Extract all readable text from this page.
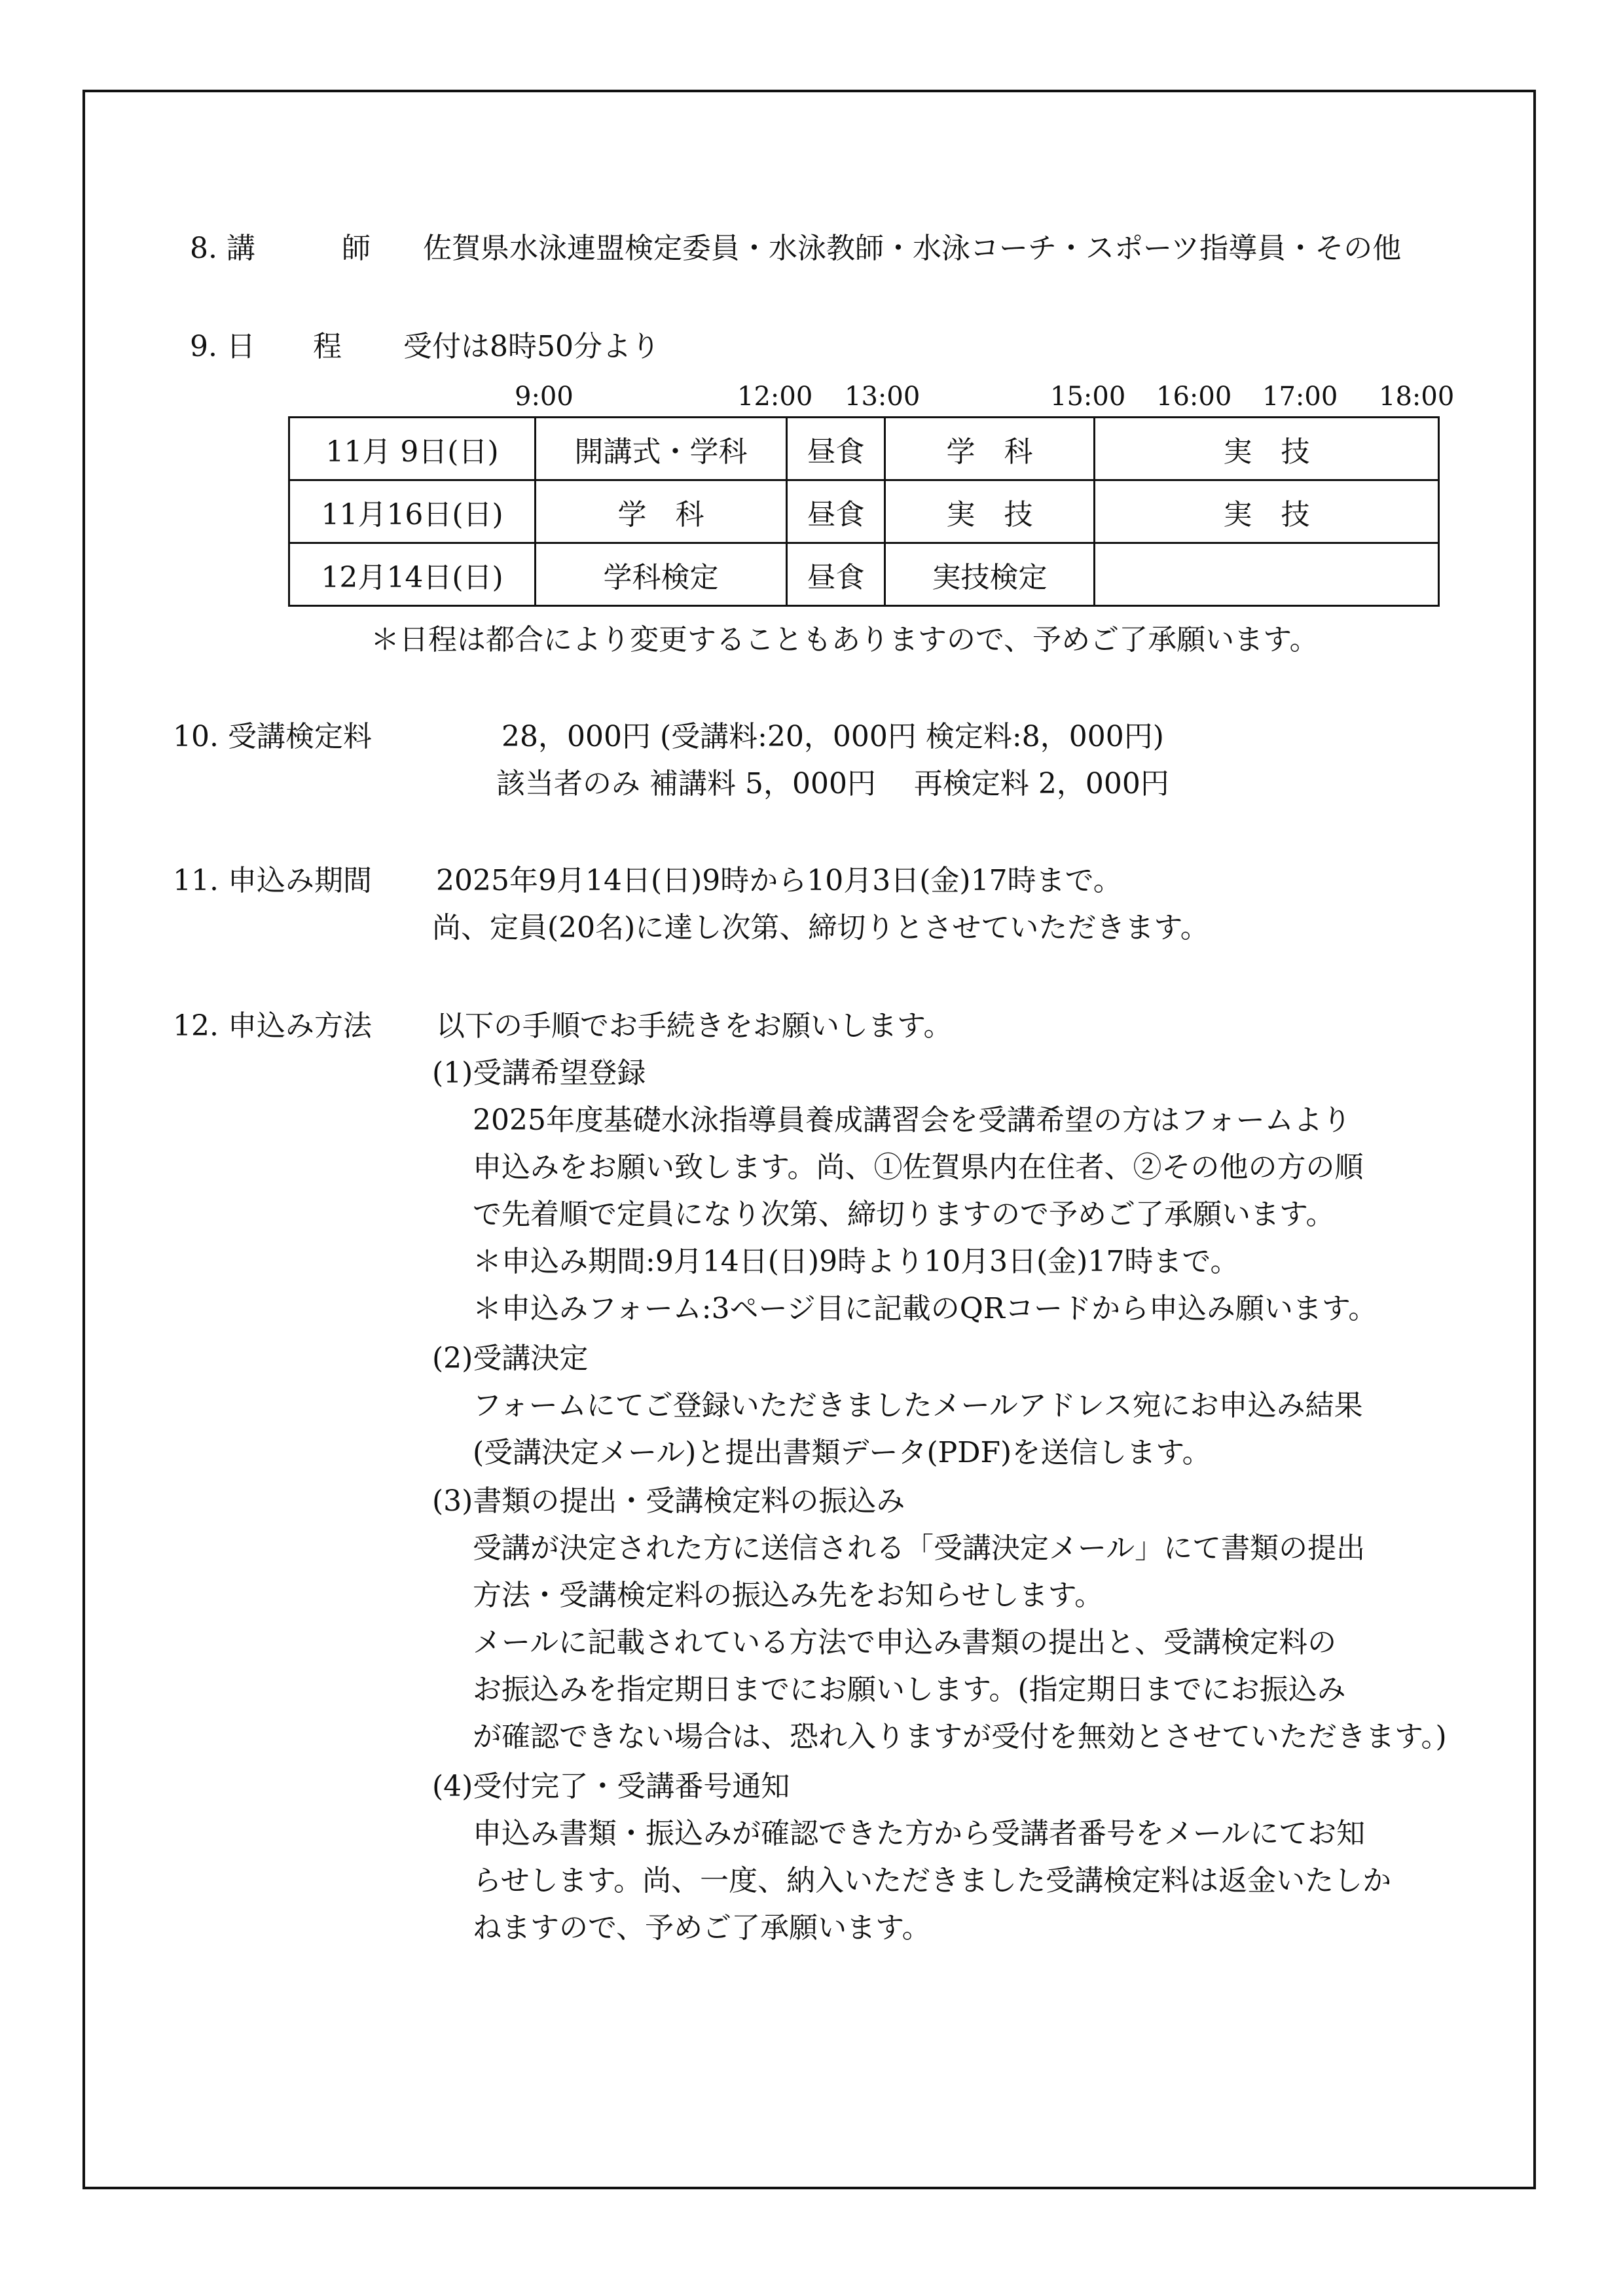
8. 講　　　師 佐賀県水泳連盟検定委員・水泳教師・水泳コーチ・スポーツ指導員・その他
9. 日　　程 受付は8時50分より
9:00	12:00 13:00	15:00 16:00 17:00 18:00
11月 9日(日)	開講式・学科	昼食	学　科	実　技
11月16日(日)	学　科	昼食	実　技	実　技
12月14日(日)	学科検定	昼食	実技検定	
＊日程は都合により変更することもありますので、予めご了承願います。
10. 受講検定料	28，000円 (受講料:20，000円 検定料:8，000円)
該当者のみ 補講料 5，000円 　再検定料 2，000円
11. 申込み期間 2025年9月14日(日)9時から10月3日(金)17時まで。
尚、定員(20名)に達し次第、締切りとさせていただきます。
12. 申込み方法 以下の手順でお手続きをお願いします。
(1)受講希望登録
2025年度基礎水泳指導員養成講習会を受講希望の方はフォームより
申込みをお願い致します。尚、①佐賀県内在住者、②その他の方の順
で先着順で定員になり次第、締切りますので予めご了承願います。
＊申込み期間:9月14日(日)9時より10月3日(金)17時まで。
＊申込みフォーム:3ページ目に記載のQRコードから申込み願います。
(2)受講決定
フォームにてご登録いただきましたメールアドレス宛にお申込み結果
(受講決定メール)と提出書類データ(PDF)を送信します。
(3)書類の提出・受講検定料の振込み
受講が決定された方に送信される「受講決定メール」にて書類の提出
方法・受講検定料の振込み先をお知らせします。
メールに記載されている方法で申込み書類の提出と、受講検定料の
お振込みを指定期日までにお願いします。(指定期日までにお振込み
が確認できない場合は、恐れ入りますが受付を無効とさせていただきます。)
(4)受付完了・受講番号通知
申込み書類・振込みが確認できた方から受講者番号をメールにてお知
らせします。尚、一度、納入いただきました受講検定料は返金いたしか
ねますので、予めご了承願います。
